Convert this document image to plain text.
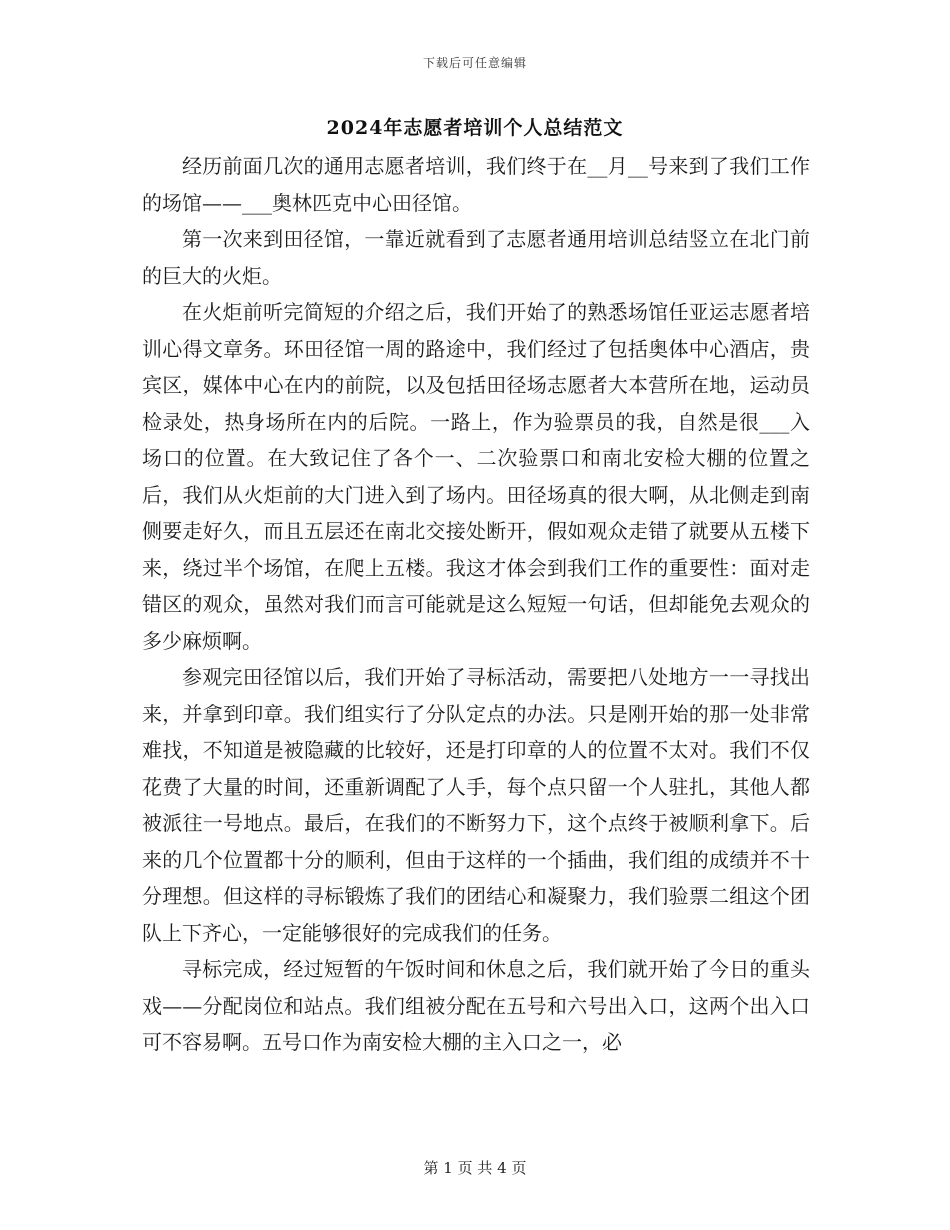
下载后可任意编辑
2024年志愿者培训个人总结范文

经历前面几次的通用志愿者培训，我们终于在__月__号来到了我们工作的场馆——___奥林匹克中心田径馆。

第一次来到田径馆，一靠近就看到了志愿者通用培训总结竖立在北门前的巨大的火炬。

在火炬前听完简短的介绍之后，我们开始了的熟悉场馆任亚运志愿者培训心得文章务。环田径馆一周的路途中，我们经过了包括奥体中心酒店，贵宾区，媒体中心在内的前院，以及包括田径场志愿者大本营所在地，运动员检录处，热身场所在内的后院。一路上，作为验票员的我，自然是很___入场口的位置。在大致记住了各个一、二次验票口和南北安检大棚的位置之后，我们从火炬前的大门进入到了场内。田径场真的很大啊，从北侧走到南侧要走好久，而且五层还在南北交接处断开，假如观众走错了就要从五楼下来，绕过半个场馆，在爬上五楼。我这才体会到我们工作的重要性：面对走错区的观众，虽然对我们而言可能就是这么短短一句话，但却能免去观众的多少麻烦啊。

参观完田径馆以后，我们开始了寻标活动，需要把八处地方一一寻找出来，并拿到印章。我们组实行了分队定点的办法。只是刚开始的那一处非常难找，不知道是被隐藏的比较好，还是打印章的人的位置不太对。我们不仅花费了大量的时间，还重新调配了人手，每个点只留一个人驻扎，其他人都被派往一号地点。最后，在我们的不断努力下，这个点终于被顺利拿下。后来的几个位置都十分的顺利，但由于这样的一个插曲，我们组的成绩并不十分理想。但这样的寻标锻炼了我们的团结心和凝聚力，我们验票二组这个团队上下齐心，一定能够很好的完成我们的任务。

寻标完成，经过短暂的午饭时间和休息之后，我们就开始了今日的重头戏——分配岗位和站点。我们组被分配在五号和六号出入口，这两个出入口可不容易啊。五号口作为南安检大棚的主入口之一，必

第 1 页 共 4 页
